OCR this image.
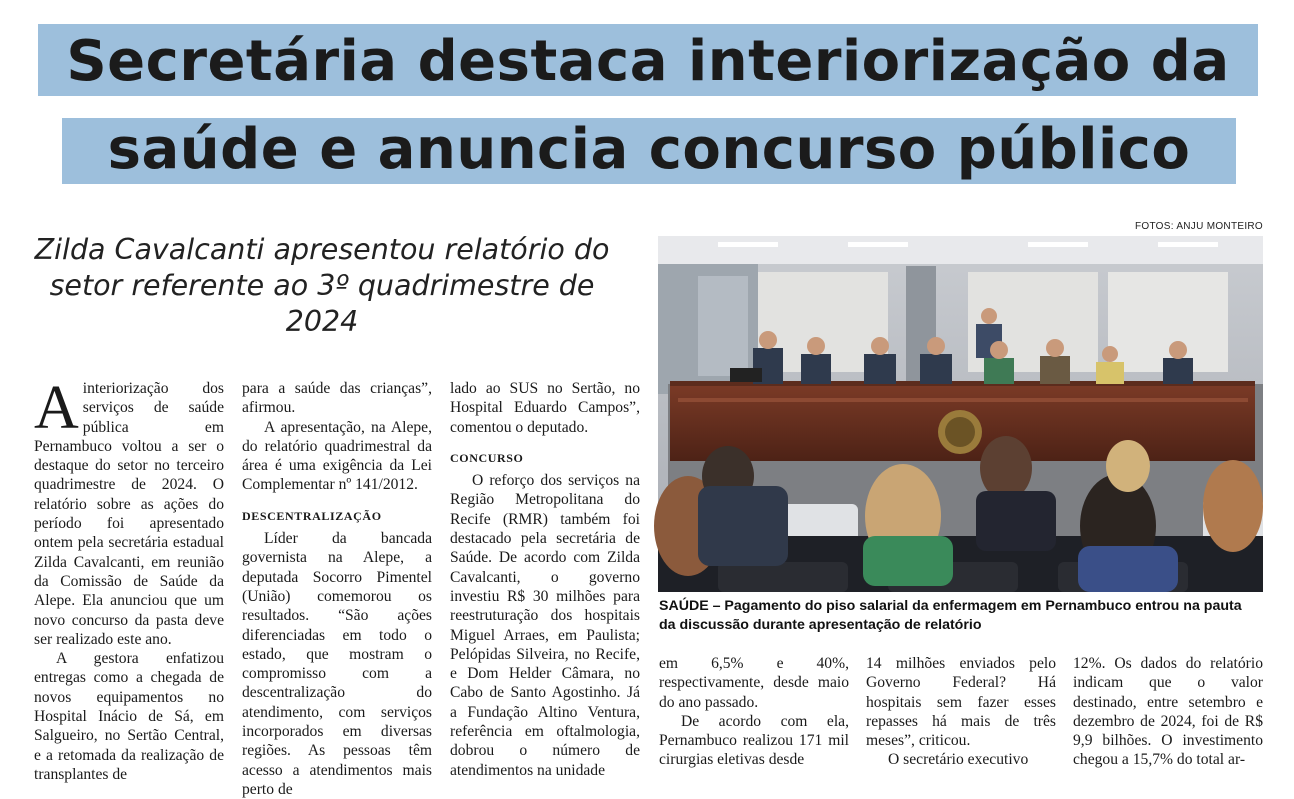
Secretária destaca interiorização da
saúde e anuncia concurso público
FOTOS: ANJU MONTEIRO
Zilda Cavalcanti apresentou relatório do setor referente ao 3º quadrimestre de 2024
SAÚDE – Pagamento do piso salarial da enfermagem em Pernambuco entrou na pauta da discussão durante apresentação de relatório

Ainteriorização dos serviços de saúde pública em Pernambuco voltou a ser o destaque do setor no terceiro quadrimestre de 2024. O relatório sobre as ações do período foi apresentado ontem pela secretária estadual Zilda Cavalcanti, em reunião da Comissão de Saúde da Alepe. Ela anunciou que um novo concurso da pasta deve ser realizado este ano.

A gestora enfatizou entregas como a chegada de novos equipamentos no Hospital Inácio de Sá, em Salgueiro, no Sertão Central, e a retomada da realização de transplantes de

para a saúde das crianças”, afirmou.

A apresentação, na Alepe, do relatório quadrimestral da área é uma exigência da Lei Complementar nº 141/2012.

DESCENTRALIZAÇÃO

Líder da bancada governista na Alepe, a deputada Socorro Pimentel (União) comemorou os resultados. “São ações diferenciadas em todo o estado, que mostram o compromisso com a descentralização do atendimento, com serviços incorporados em diversas regiões. As pessoas têm acesso a atendimentos mais perto de

lado ao SUS no Sertão, no Hospital Eduardo Campos”, comentou o deputado.

CONCURSO

O reforço dos serviços na Região Metropolitana do Recife (RMR) também foi destacado pela secretária de Saúde. De acordo com Zilda Cavalcanti, o governo investiu R$ 30 milhões para reestruturação dos hospitais Miguel Arraes, em Paulista; Pelópidas Silveira, no Recife, e Dom Helder Câmara, no Cabo de Santo Agostinho. Já a Fundação Altino Ventura, referência em oftalmologia, dobrou o número de atendimentos na unidade

em 6,5% e 40%, respectivamente, desde maio do ano passado.

De acordo com ela, Pernambuco realizou 171 mil cirurgias eletivas desde

14 milhões enviados pelo Governo Federal? Há hospitais sem fazer esses repasses há mais de três meses”, criticou.

O secretário executivo

12%. Os dados do relatório indicam que o valor destinado, entre setembro e dezembro de 2024, foi de R$ 9,9 bilhões. O investimento chegou a 15,7% do total ar-
